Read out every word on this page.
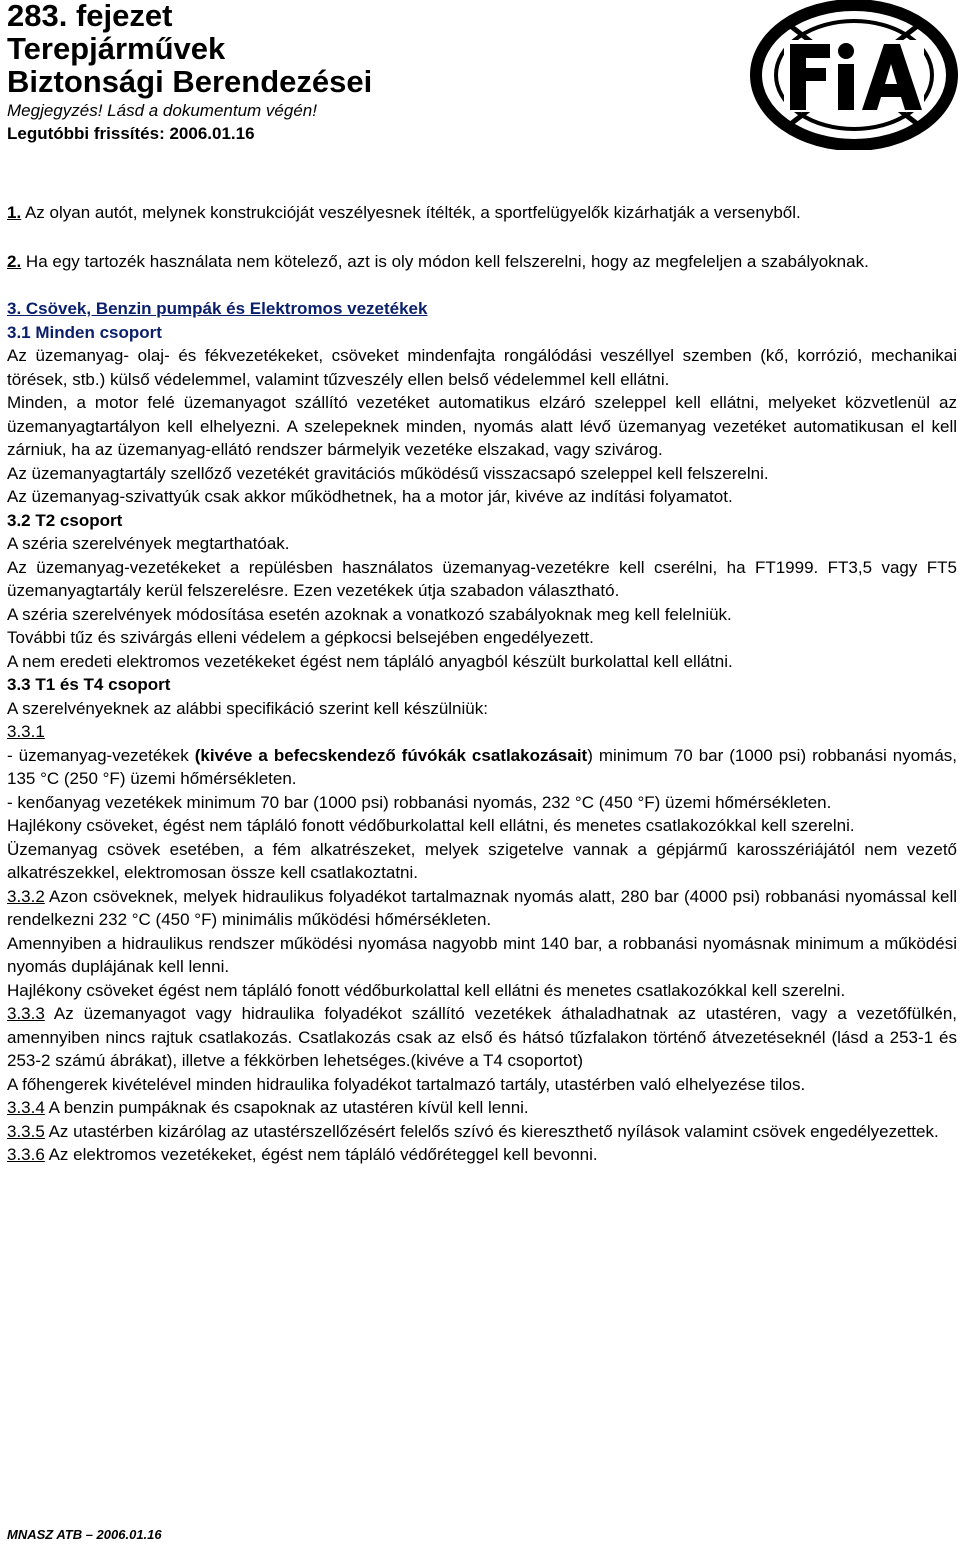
283. fejezet
Terepjárművek
Biztonsági Berendezései
Megjegyzés! Lásd a dokumentum végén!
Legutóbbi frissítés: 2006.01.16

1. Az olyan autót, melynek konstrukcióját veszélyesnek ítélték, a sportfelügyelők kizárhatják a versenyből.

2. Ha egy tartozék használata nem kötelező, azt is oly módon kell felszerelni, hogy az megfeleljen a szabályoknak.

3. Csövek, Benzin pumpák és Elektromos vezetékek

3.1 Minden csoport

Az üzemanyag- olaj- és fékvezetékeket, csöveket mindenfajta rongálódási veszéllyel szemben (kő, korrózió, mechanikai törések, stb.) külső védelemmel, valamint tűzveszély ellen belső védelemmel kell ellátni.

Minden, a motor felé üzemanyagot szállító vezetéket automatikus elzáró szeleppel kell ellátni, melyeket közvetlenül az üzemanyagtartályon kell elhelyezni. A szelepeknek minden, nyomás alatt lévő üzemanyag vezetéket automatikusan el kell zárniuk, ha az üzemanyag-ellátó rendszer bármelyik vezetéke elszakad, vagy szivárog.

Az üzemanyagtartály szellőző vezetékét gravitációs működésű visszacsapó szeleppel kell felszerelni.

Az üzemanyag-szivattyúk csak akkor működhetnek, ha a motor jár, kivéve az indítási folyamatot.

3.2 T2 csoport

A széria szerelvények megtarthatóak.

Az üzemanyag-vezetékeket a repülésben használatos üzemanyag-vezetékre kell cserélni, ha FT1999. FT3,5 vagy FT5 üzemanyagtartály kerül felszerelésre. Ezen vezetékek útja szabadon választható.

A széria szerelvények módosítása esetén azoknak a vonatkozó szabályoknak meg kell felelniük.

További tűz és szivárgás elleni védelem a gépkocsi belsejében engedélyezett.

A nem eredeti elektromos vezetékeket égést nem tápláló anyagból készült burkolattal kell ellátni.

3.3 T1 és T4 csoport

A szerelvényeknek az alábbi specifikáció szerint kell készülniük:

3.3.1

- üzemanyag-vezetékek (kivéve a befecskendező fúvókák csatlakozásait) minimum 70 bar (1000 psi) robbanási nyomás, 135 °C (250 °F) üzemi hőmérsékleten.

- kenőanyag vezetékek minimum 70 bar (1000 psi) robbanási nyomás, 232 °C (450 °F) üzemi hőmérsékleten.

Hajlékony csöveket, égést nem tápláló fonott védőburkolattal kell ellátni, és menetes csatlakozókkal kell szerelni.

Üzemanyag csövek esetében, a fém alkatrészeket, melyek szigetelve vannak a gépjármű karosszériájától nem vezető alkatrészekkel, elektromosan össze kell csatlakoztatni.

3.3.2 Azon csöveknek, melyek hidraulikus folyadékot tartalmaznak nyomás alatt, 280 bar (4000 psi) robbanási nyomással kell rendelkezni 232 °C (450 °F) minimális működési hőmérsékleten.

Amennyiben a hidraulikus rendszer működési nyomása nagyobb mint 140 bar, a robbanási nyomásnak minimum a működési nyomás duplájának kell lenni.

Hajlékony csöveket égést nem tápláló fonott védőburkolattal kell ellátni és menetes csatlakozókkal kell szerelni.

3.3.3 Az üzemanyagot vagy hidraulika folyadékot szállító vezetékek áthaladhatnak az utastéren, vagy a vezetőfülkén, amennyiben nincs rajtuk csatlakozás. Csatlakozás csak az első és hátsó tűzfalakon történő átvezetéseknél (lásd a 253-1 és 253-2 számú ábrákat), illetve a fékkörben lehetséges.(kivéve a T4 csoportot)

A főhengerek kivételével minden hidraulika folyadékot tartalmazó tartály, utastérben való elhelyezése tilos.

3.3.4 A benzin pumpáknak és csapoknak az utastéren kívül kell lenni.

3.3.5 Az utastérben kizárólag az utastérszellőzésért felelős szívó és kiereszthető nyílások valamint csövek engedélyezettek.

3.3.6 Az elektromos vezetékeket, égést nem tápláló védőréteggel kell bevonni.

MNASZ ATB – 2006.01.16
